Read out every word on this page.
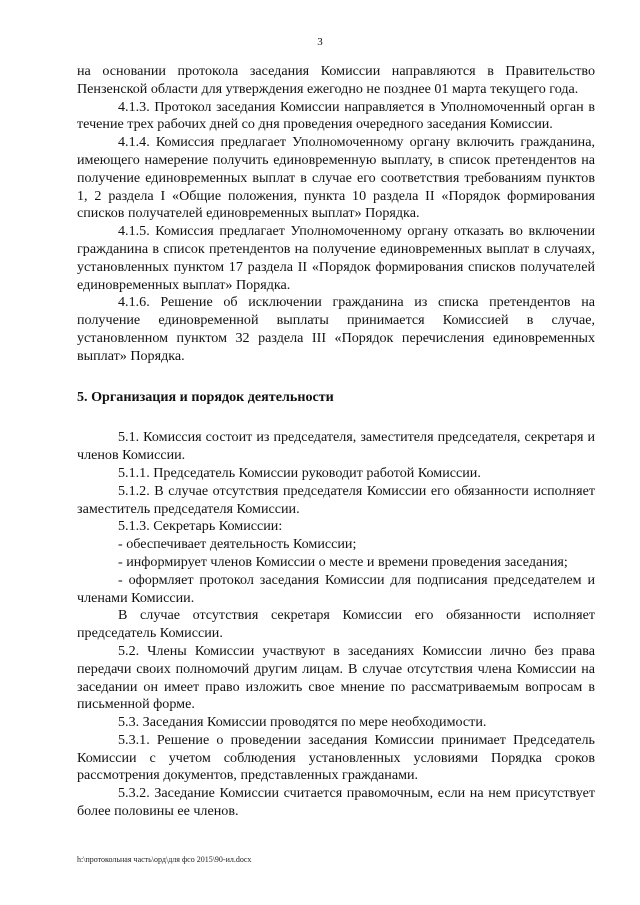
3

на основании протокола заседания Комиссии направляются в Правительство Пензенской области для утверждения ежегодно не позднее 01 марта текущего года.

4.1.3. Протокол заседания Комиссии направляется в Уполномоченный орган в течение трех рабочих дней со дня проведения очередного заседания Комиссии.

4.1.4. Комиссия предлагает Уполномоченному органу включить гражданина, имеющего намерение получить единовременную выплату, в список претендентов на получение единовременных выплат в случае его соответствия требованиям пунктов 1, 2 раздела I «Общие положения, пункта 10 раздела II «Порядок формирования списков получателей единовременных выплат» Порядка.

4.1.5. Комиссия предлагает Уполномоченному органу отказать во включении гражданина в список претендентов на получение единовременных выплат в случаях, установленных пунктом 17 раздела II «Порядок формирования списков получателей единовременных выплат» Порядка.

4.1.6. Решение об исключении гражданина из списка претендентов на получение единовременной выплаты принимается Комиссией в случае, установленном пунктом 32 раздела III «Порядок перечисления единовременных выплат» Порядка.

5. Организация и порядок деятельности

5.1. Комиссия состоит из председателя, заместителя председателя, секретаря и членов Комиссии.

5.1.1. Председатель Комиссии руководит работой Комиссии.

5.1.2. В случае отсутствия председателя Комиссии его обязанности исполняет заместитель председателя Комиссии.

5.1.3. Секретарь Комиссии:

- обеспечивает деятельность Комиссии;

- информирует членов Комиссии о месте и времени проведения заседания;

- оформляет протокол заседания Комиссии для подписания председателем и членами Комиссии.

В случае отсутствия секретаря Комиссии его обязанности исполняет председатель Комиссии.

5.2. Члены Комиссии участвуют в заседаниях Комиссии лично без права передачи своих полномочий другим лицам. В случае отсутствия члена Комиссии на заседании он имеет право изложить свое мнение по рассматриваемым вопросам в письменной форме.

5.3. Заседания Комиссии проводятся по мере необходимости.

5.3.1. Решение о проведении заседания Комиссии принимает Председатель Комиссии с учетом соблюдения установленных условиями Порядка сроков рассмотрения документов, представленных гражданами.

5.3.2. Заседание Комиссии считается правомочным, если на нем присутствует более половины ее членов.

h:\протокольная часть\орд\для фсо 2015\90-ил.docx
